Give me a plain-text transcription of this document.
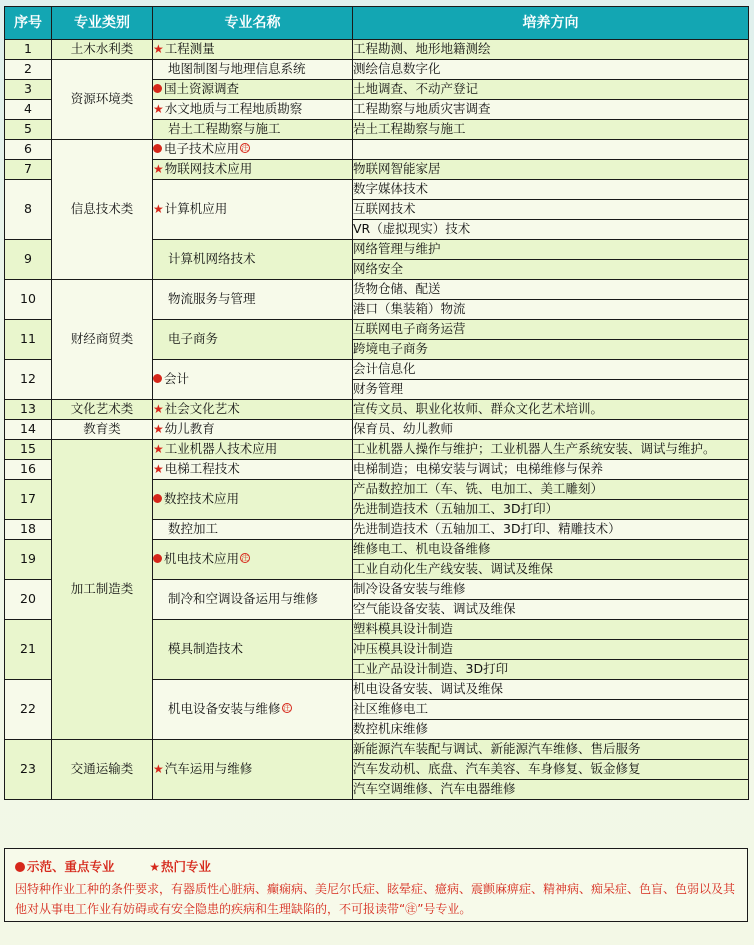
序号	专业类别	专业名称	培养方向
1	土木水利类	★工程测量	工程勘测、地形地籍测绘
2	资源环境类	地图制图与地理信息系统	测绘信息数字化
3		国土资源调查	土地调查、不动产登记
4		★水文地质与工程地质勘察	工程勘察与地质灾害调查
5		岩土工程勘察与施工	岩土工程勘察与施工
6	信息技术类	电子技术应用 注	
7		★物联网技术应用	物联网智能家居
8		★计算机应用	数字媒体技术
			互联网技术
			VR（虚拟现实）技术
9		计算机网络技术	网络管理与维护
			网络安全
10	财经商贸类	物流服务与管理	货物仓储、配送
			港口（集装箱）物流
11		电子商务	互联网电子商务运营
			跨境电子商务
12		会计	会计信息化
			财务管理
13	文化艺术类	★社会文化艺术	宣传文员、职业化妆师、群众文化艺术培训。
14	教育类	★幼儿教育	保育员、幼儿教师
15	加工制造类	★工业机器人技术应用	工业机器人操作与维护；工业机器人生产系统安装、调试与维护。
16		★电梯工程技术	电梯制造；电梯安装与调试；电梯维修与保养
17		数控技术应用	产品数控加工（车、铣、电加工、美工雕刻）
			先进制造技术（五轴加工、3D打印）
18		数控加工	先进制造技术（五轴加工、3D打印、精雕技术）
19		机电技术应用 注	维修电工、机电设备维修
			工业自动化生产线安装、调试及维保
20		制冷和空调设备运用与维修	制冷设备安装与维修
			空气能设备安装、调试及维保
21		模具制造技术	塑料模具设计制造
			冲压模具设计制造
			工业产品设计制造、3D打印
22		机电设备安装与维修 注	机电设备安装、调试及维保
			社区维修电工
			数控机床维修
23	交通运输类	★汽车运用与维修	新能源汽车装配与调试、新能源汽车维修、售后服务
			汽车发动机、底盘、汽车美容、车身修复、钣金修复
			汽车空调维修、汽车电器维修
示范、重点专业	★热门专业
因特种作业工种的条件要求，有器质性心脏病、癫痫病、美尼尔氏症、眩晕症、癔病、震颤麻痹症、精神病、痴呆症、色盲、色弱以及其他对从事电工作业有妨碍或有安全隐患的疾病和生理缺陷的，不可报读带“㊟”号专业。
